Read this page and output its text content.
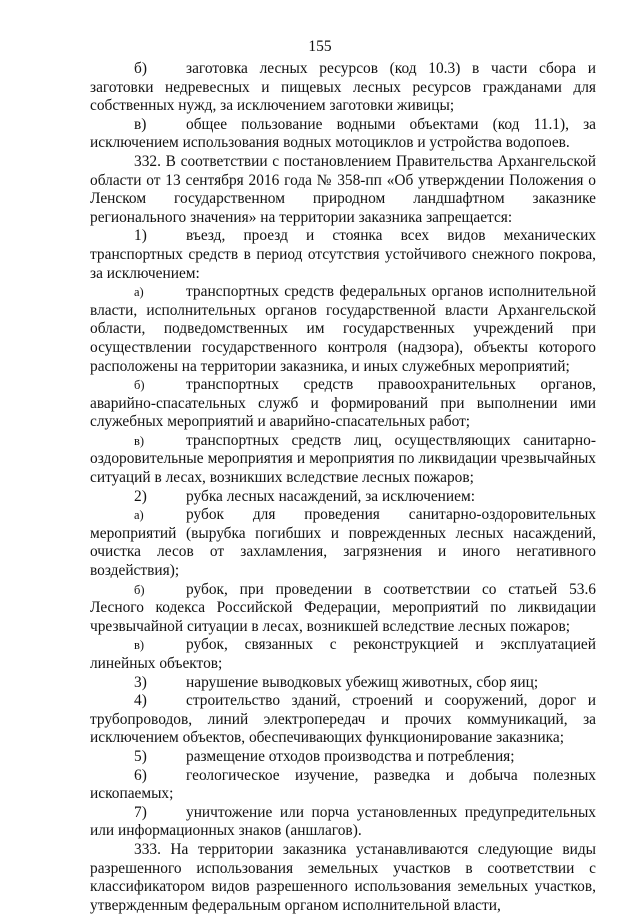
155

б)	заготовка лесных ресурсов (код 10.3) в части сбора и заготовки недревесных и пищевых лесных ресурсов гражданами для собственных нужд, за исключением заготовки живицы;

в)	общее пользование водными объектами (код 11.1), за исключением использования водных мотоциклов и устройства водопоев.

332. В соответствии с постановлением Правительства Архангельской области от 13 сентября 2016 года № 358-пп «Об утверждении Положения о Ленском государственном природном ландшафтном заказнике регионального значения» на территории заказника запрещается:

1)	въезд, проезд и стоянка всех видов механических транспортных средств в период отсутствия устойчивого снежного покрова, за исключением:

а)	транспортных средств федеральных органов исполнительной власти, исполнительных органов государственной власти Архангельской области, подведомственных им государственных учреждений при осуществлении государственного контроля (надзора), объекты которого расположены на территории заказника, и иных служебных мероприятий;

б)	транспортных средств правоохранительных органов, аварийно-спасательных служб и формирований при выполнении ими служебных мероприятий и аварийно-спасательных работ;

в)	транспортных средств лиц, осуществляющих санитарно-оздоровительные мероприятия и мероприятия по ликвидации чрезвычайных ситуаций в лесах, возникших вследствие лесных пожаров;

2)	рубка лесных насаждений, за исключением:

а)	рубок для проведения санитарно-оздоровительных мероприятий (вырубка погибших и поврежденных лесных насаждений, очистка лесов от захламления, загрязнения и иного негативного воздействия);

б)	рубок, при проведении в соответствии со статьей 53.6 Лесного кодекса Российской Федерации, мероприятий по ликвидации чрезвычайной ситуации в лесах, возникшей вследствие лесных пожаров;

в)	рубок, связанных с реконструкцией и эксплуатацией линейных объектов;

3)	нарушение выводковых убежищ животных, сбор яиц;

4)	строительство зданий, строений и сооружений, дорог и трубопроводов, линий электропередач и прочих коммуникаций, за исключением объектов, обеспечивающих функционирование заказника;

5)	размещение отходов производства и потребления;

6)	геологическое изучение, разведка и добыча полезных ископаемых;

7)	уничтожение или порча установленных предупредительных или информационных знаков (аншлагов).

333. На территории заказника устанавливаются следующие виды разрешенного использования земельных участков в соответствии с классификатором видов разрешенного использования земельных участков, утвержденным федеральным органом исполнительной власти,
